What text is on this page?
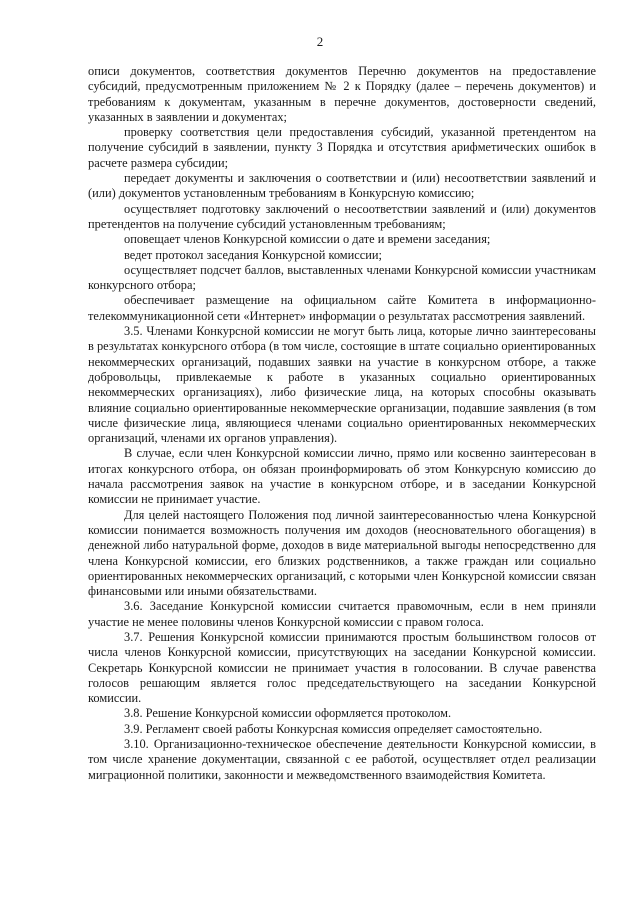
2

описи документов, соответствия документов Перечню документов на предоставление субсидий, предусмотренным приложением № 2 к Порядку (далее – перечень документов) и требованиям к документам, указанным в перечне документов, достоверности сведений, указанных в заявлении и документах;

проверку соответствия цели предоставления субсидий, указанной претендентом на получение субсидий в заявлении, пункту 3 Порядка и отсутствия арифметических ошибок в расчете размера субсидии;

передает документы и заключения о соответствии и (или) несоответствии заявлений и (или) документов установленным требованиям в Конкурсную комиссию;

осуществляет подготовку заключений о несоответствии заявлений и (или) документов претендентов на получение субсидий установленным требованиям;

оповещает членов Конкурсной комиссии о дате и времени заседания;

ведет протокол заседания Конкурсной комиссии;

осуществляет подсчет баллов, выставленных членами Конкурсной комиссии участникам конкурсного отбора;

обеспечивает размещение на официальном сайте Комитета в информационно-телекоммуникационной сети «Интернет» информации о результатах рассмотрения заявлений.

3.5. Членами Конкурсной комиссии не могут быть лица, которые лично заинтересованы в результатах конкурсного отбора (в том числе, состоящие в штате социально ориентированных некоммерческих организаций, подавших заявки на участие в конкурсном отборе, а также добровольцы, привлекаемые к работе в указанных социально ориентированных некоммерческих организациях), либо физические лица, на которых способны оказывать влияние социально ориентированные некоммерческие организации, подавшие заявления (в том числе физические лица, являющиеся членами социально ориентированных некоммерческих организаций, членами их органов управления).

В случае, если член Конкурсной комиссии лично, прямо или косвенно заинтересован в итогах конкурсного отбора, он обязан проинформировать об этом Конкурсную комиссию до начала рассмотрения заявок на участие в конкурсном отборе, и в заседании Конкурсной комиссии не принимает участие.

Для целей настоящего Положения под личной заинтересованностью члена Конкурсной комиссии понимается возможность получения им доходов (неосновательного обогащения) в денежной либо натуральной форме, доходов в виде материальной выгоды непосредственно для члена Конкурсной комиссии, его близких родственников, а также граждан или социально ориентированных некоммерческих организаций, с которыми член Конкурсной комиссии связан финансовыми или иными обязательствами.

3.6. Заседание Конкурсной комиссии считается правомочным, если в нем приняли участие не менее половины членов Конкурсной комиссии с правом голоса.

3.7. Решения Конкурсной комиссии принимаются простым большинством голосов от числа членов Конкурсной комиссии, присутствующих на заседании Конкурсной комиссии. Секретарь Конкурсной комиссии не принимает участия в голосовании. В случае равенства голосов решающим является голос председательствующего на заседании Конкурсной комиссии.

3.8. Решение Конкурсной комиссии оформляется протоколом.

3.9. Регламент своей работы Конкурсная комиссия определяет самостоятельно.

3.10. Организационно-техническое обеспечение деятельности Конкурсной комиссии, в том числе хранение документации, связанной с ее работой, осуществляет отдел реализации миграционной политики, законности и межведомственного взаимодействия Комитета.
